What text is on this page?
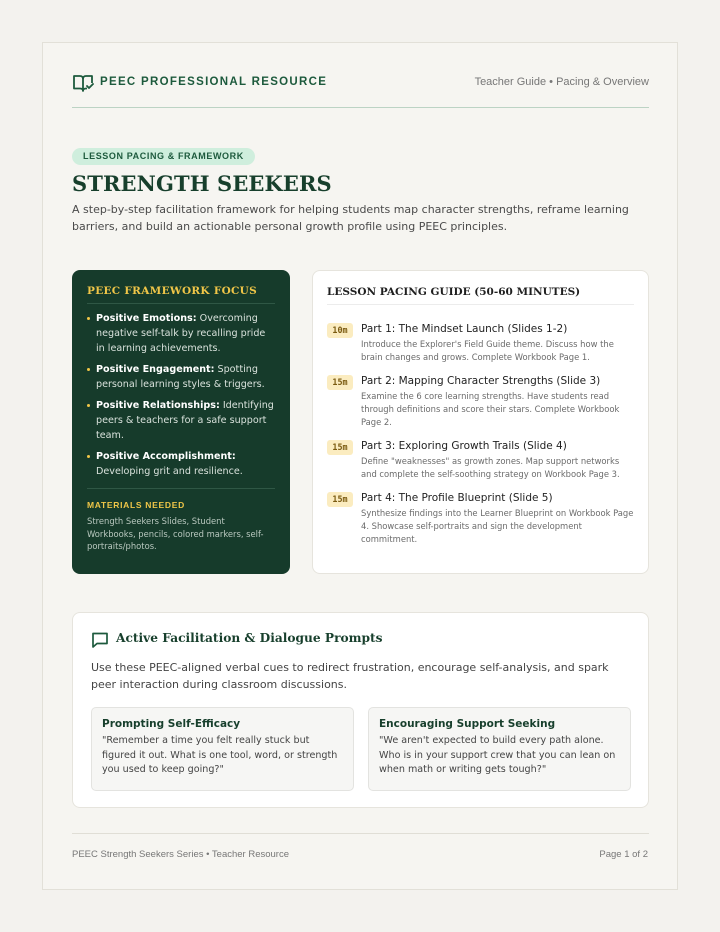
PEEC PROFESSIONAL RESOURCE	Teacher Guide • Pacing & Overview
LESSON PACING & FRAMEWORK
STRENGTH SEEKERS

A step-by-step facilitation framework for helping students map character strengths, reframe learning barriers, and build an actionable personal growth profile using PEEC principles.

PEEC FRAMEWORK FOCUS
Positive Emotions: Overcoming negative self-talk by recalling pride in learning achievements.
Positive Engagement: Spotting personal learning styles & triggers.
Positive Relationships: Identifying peers & teachers for a safe support team.
Positive Accomplishment: Developing grit and resilience.
MATERIALS NEEDED
Strength Seekers Slides, Student Workbooks, pencils, colored markers, self-portraits/photos.
LESSON PACING GUIDE (50-60 MINUTES)
10m	Part 1: The Mindset Launch (Slides 1-2)
Introduce the Explorer's Field Guide theme. Discuss how the brain changes and grows. Complete Workbook Page 1.
15m	Part 2: Mapping Character Strengths (Slide 3)
Examine the 6 core learning strengths. Have students read through definitions and score their stars. Complete Workbook Page 2.
15m	Part 3: Exploring Growth Trails (Slide 4)
Define "weaknesses" as growth zones. Map support networks and complete the self-soothing strategy on Workbook Page 3.
15m	Part 4: The Profile Blueprint (Slide 5)
Synthesize findings into the Learner Blueprint on Workbook Page 4. Showcase self-portraits and sign the development commitment.
Active Facilitation & Dialogue Prompts

Use these PEEC-aligned verbal cues to redirect frustration, encourage self-analysis, and spark peer interaction during classroom discussions.

Prompting Self-Efficacy
"Remember a time you felt really stuck but figured it out. What is one tool, word, or strength you used to keep going?"
Encouraging Support Seeking
"We aren't expected to build every path alone. Who is in your support crew that you can lean on when math or writing gets tough?"
PEEC Strength Seekers Series • Teacher Resource	Page 1 of 2
